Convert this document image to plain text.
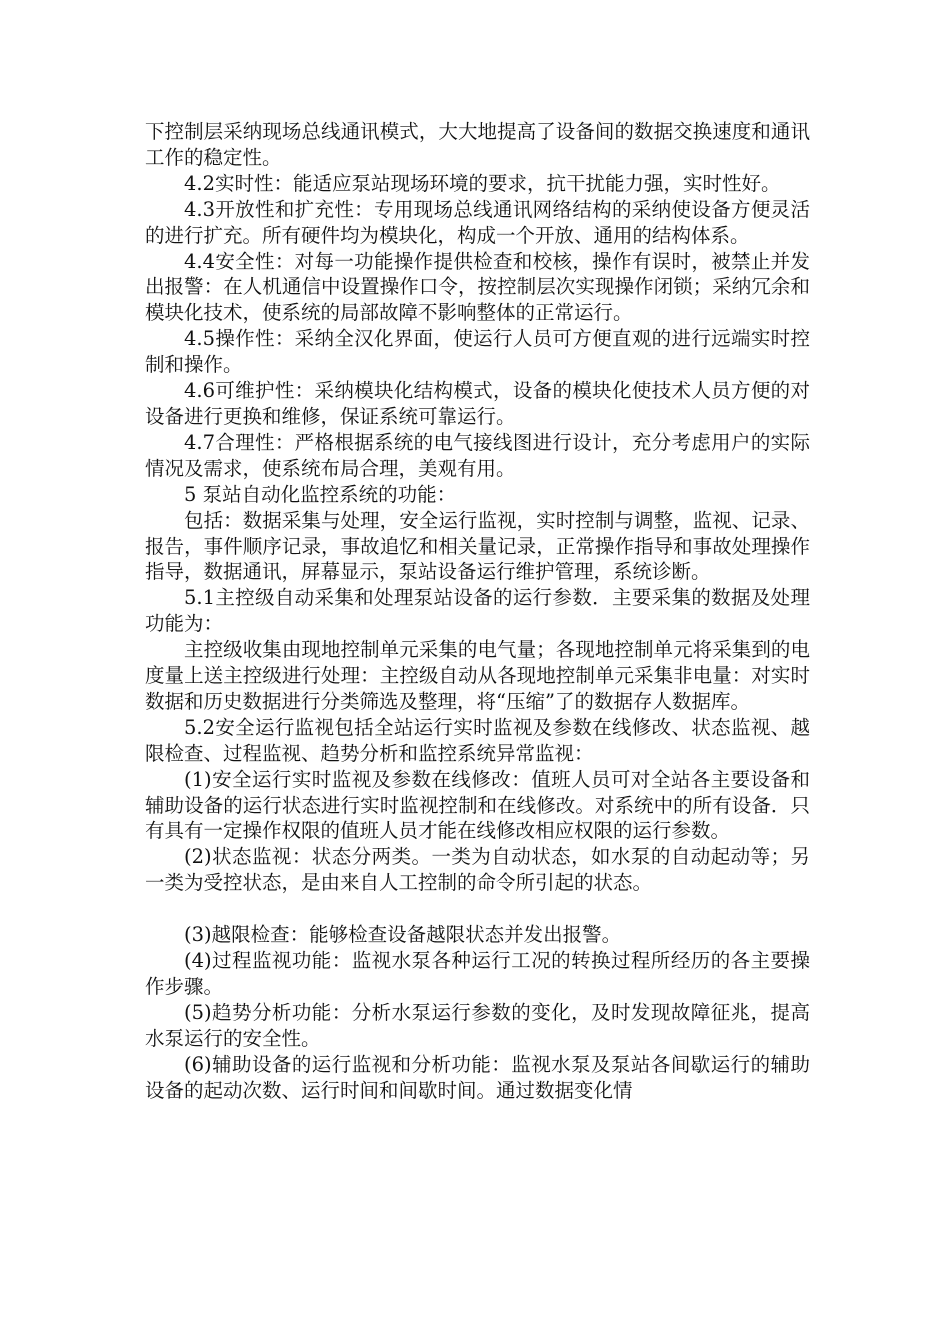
下控制层采纳现场总线通讯模式，大大地提高了设备间的数据交换速度和通讯工作的稳定性。

4.2实时性：能适应泵站现场环境的要求，抗干扰能力强，实时性好。

4.3开放性和扩充性：专用现场总线通讯网络结构的采纳使设备方便灵活的进行扩充。所有硬件均为模块化，构成一个开放、通用的结构体系。

4.4安全性：对每一功能操作提供检查和校核，操作有误时，被禁止并发出报警：在人机通信中设置操作口令，按控制层次实现操作闭锁；采纳冗余和模块化技术，使系统的局部故障不影响整体的正常运行。

4.5操作性：采纳全汉化界面，使运行人员可方便直观的进行远端实时控制和操作。

4.6可维护性：采纳模块化结构模式，设备的模块化使技术人员方便的对设备进行更换和维修，保证系统可靠运行。

4.7合理性：严格根据系统的电气接线图进行设计，充分考虑用户的实际情况及需求，使系统布局合理，美观有用。

5 泵站自动化监控系统的功能：

包括：数据采集与处理，安全运行监视，实时控制与调整，监视、记录、报告，事件顺序记录，事故追忆和相关量记录，正常操作指导和事故处理操作指导，数据通讯，屏幕显示，泵站设备运行维护管理，系统诊断。

5.1主控级自动采集和处理泵站设备的运行参数．主要采集的数据及处理功能为：

主控级收集由现地控制单元采集的电气量；各现地控制单元将采集到的电度量上送主控级进行处理：主控级自动从各现地控制单元采集非电量：对实时数据和历史数据进行分类筛选及整理，将“压缩”了的数据存人数据库。

5.2安全运行监视包括全站运行实时监视及参数在线修改、状态监视、越限检查、过程监视、趋势分析和监控系统异常监视：

(1)安全运行实时监视及参数在线修改：值班人员可对全站各主要设备和辅助设备的运行状态进行实时监视控制和在线修改。对系统中的所有设备．只有具有一定操作权限的值班人员才能在线修改相应权限的运行参数。

(2)状态监视：状态分两类。一类为自动状态，如水泵的自动起动等；另一类为受控状态，是由来自人工控制的命令所引起的状态。

(3)越限检查：能够检查设备越限状态并发出报警。

(4)过程监视功能：监视水泵各种运行工况的转换过程所经历的各主要操作步骤。

(5)趋势分析功能：分析水泵运行参数的变化，及时发现故障征兆，提高水泵运行的安全性。

(6)辅助设备的运行监视和分析功能：监视水泵及泵站各间歇运行的辅助设备的起动次数、运行时间和间歇时间。通过数据变化情
